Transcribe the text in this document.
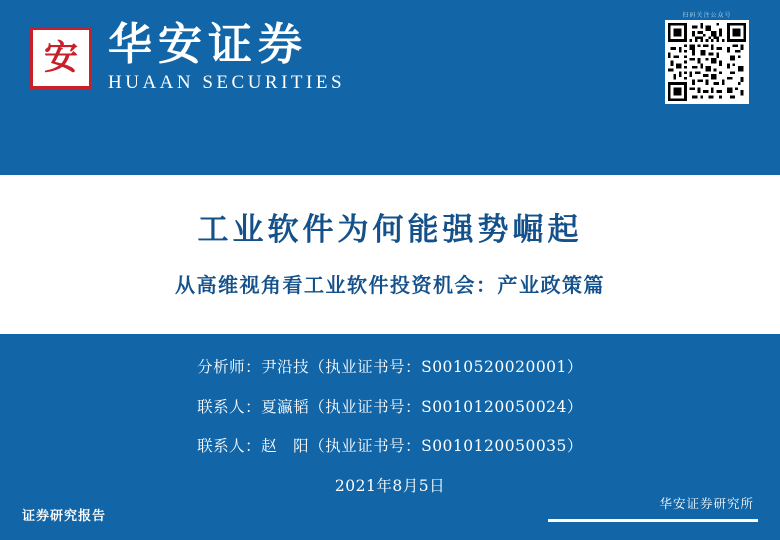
安 华安证券
HUAAN SECURITIES
扫码关注公众号
工业软件为何能强势崛起
从高维视角看工业软件投资机会：产业政策篇
分析师：尹沿技（执业证书号：S0010520020001）
联系人：夏瀛韬（执业证书号：S0010120050024）
联系人：赵　阳（执业证书号：S0010120050035）
2021年8月5日
华安证券研究所
证券研究报告
